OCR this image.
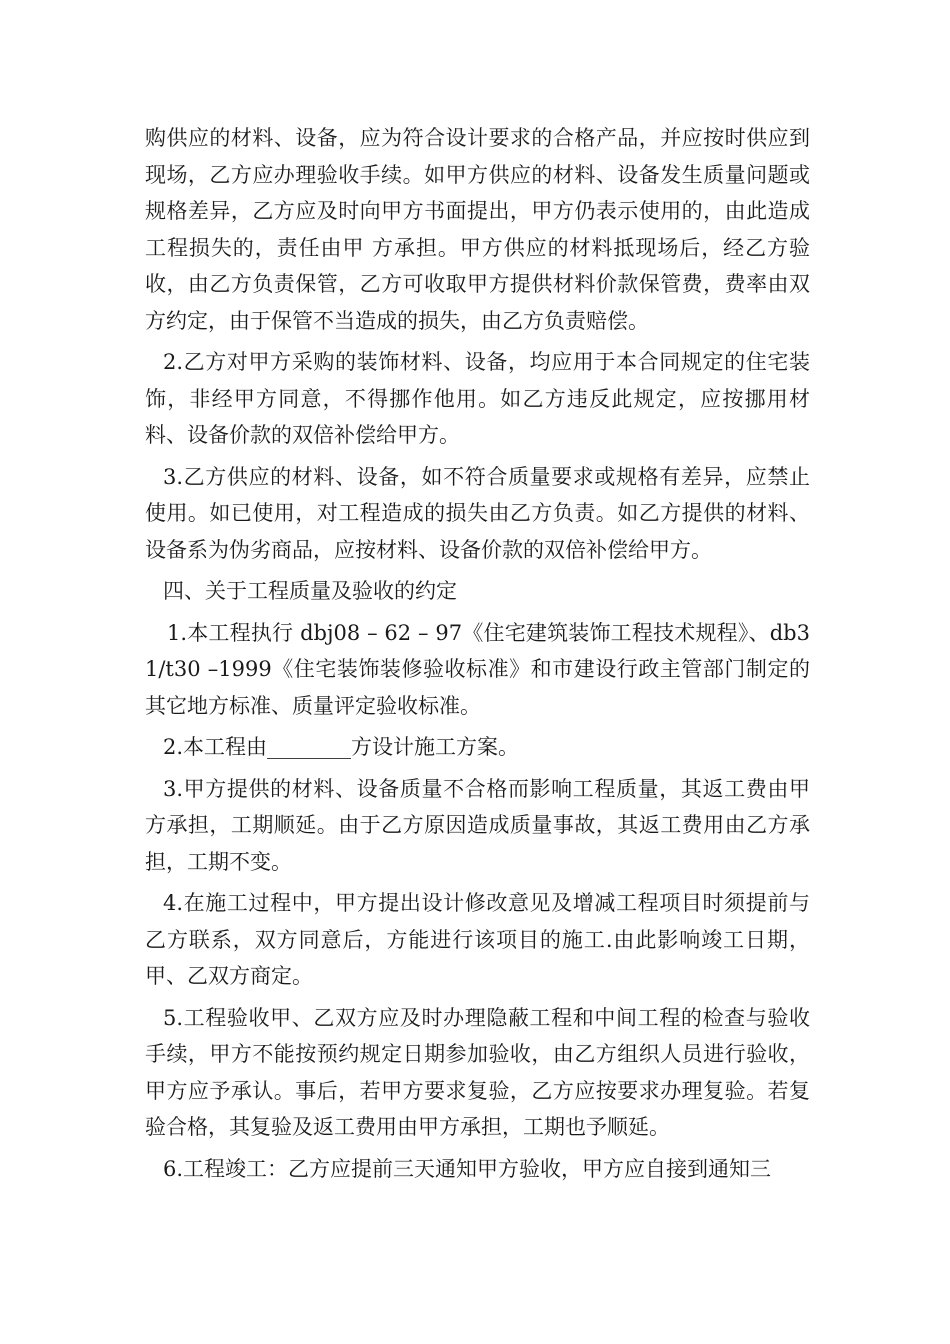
购供应的材料、设备，应为符合设计要求的合格产品，并应按时供应到 现场，乙方应办理验收手续。如甲方供应的材料、设备发生质量问题或规格差异，乙方应及时向甲方书面提出，甲方仍表示使用的，由此造成工程损失的，责任由甲 方承担。甲方供应的材料抵现场后，经乙方验收，由乙方负责保管，乙方可收取甲方提供材料价款保管费，费率由双方约定，由于保管不当造成的损失，由乙方负责赔偿。

2.乙方对甲方采购的装饰材料、设备，均应用于本合同规定的住宅装饰，非经甲方同意，不得挪作他用。如乙方违反此规定，应按挪用材料、设备价款的双倍补偿给甲方。

3.乙方供应的材料、设备，如不符合质量要求或规格有差异，应禁止使用。如已使用，对工程造成的损失由乙方负责。如乙方提供的材料、设备系为伪劣商品，应按材料、设备价款的双倍补偿给甲方。

四、关于工程质量及验收的约定

1.本工程执行 dbj08 – 62 – 97《住宅建筑装饰工程技术规程》、db31/t30 –1999《住宅装饰装修验收标准》和市建设行政主管部门制定的其它地方标准、质量评定验收标准。

2.本工程由________方设计施工方案。

3.甲方提供的材料、设备质量不合格而影响工程质量，其返工费由甲方承担，工期顺延。由于乙方原因造成质量事故，其返工费用由乙方承担，工期不变。

4.在施工过程中，甲方提出设计修改意见及增减工程项目时须提前与乙方联系，双方同意后，方能进行该项目的施工.由此影响竣工日期，甲、乙双方商定。

5.工程验收甲、乙双方应及时办理隐蔽工程和中间工程的检查与验收手续，甲方不能按预约规定日期参加验收，由乙方组织人员进行验收，甲方应予承认。事后，若甲方要求复验，乙方应按要求办理复验。若复验合格，其复验及返工费用由甲方承担，工期也予顺延。

6.工程竣工：乙方应提前三天通知甲方验收，甲方应自接到通知三
